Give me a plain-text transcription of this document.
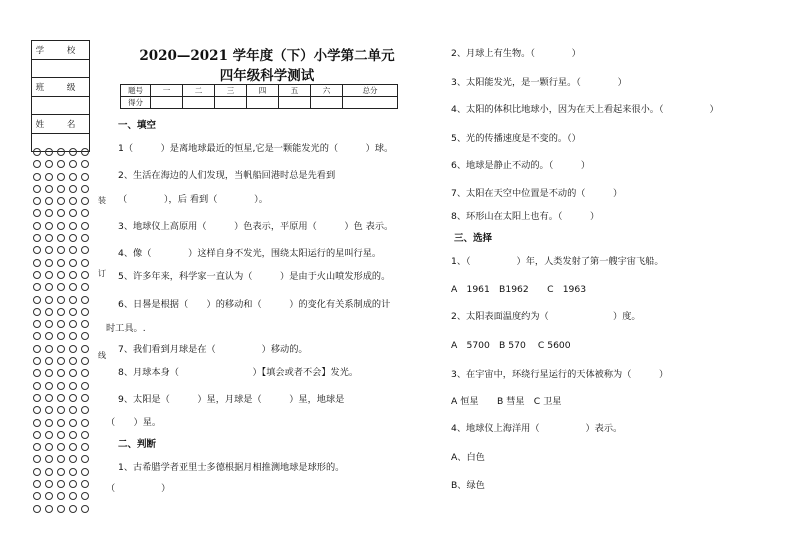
学 校
班 级
姓 名
装
订
线
2020—2021 学年度（下）小学第二单元
四年级科学测试
题号	一	二	三	四	五	六	总分
得分							
一、填空
1（　　　）是离地球最近的恒星,它是一颗能发光的（　　　）球。
2、生活在海边的人们发现，当帆船回港时总是先看到
（　　　　），后 看到（　　　　）。
3、地球仪上高原用（　　　）色表示，平原用（　　　）色 表示。
4、像（　　　　）这样自身不发光，围绕太阳运行的星叫行星。
5、许多年来，科学家一直认为（　　　）是由于火山喷发形成的。
6、日晷是根据（　　）的移动和（　　　）的变化有关系制成的计
时工具。.
7、我们看到月球是在（　　　　　）移动的。
8、月球本身（　　　　　　　　）【填会或者不会】发光。
9、太阳是（　　　）星，月球是（　　　）星，地球是
（　　）星。
二、判断
1、古希腊学者亚里士多德根据月相推测地球是球形的。
（　　　　　）
2、月球上有生物。（　　　　）
3、太阳能发光，是一颗行星。（　　　　）
4、太阳的体积比地球小，因为在天上看起来很小。（　　　　　）
5、光的传播速度是不变的。（）
6、地球是静止不动的。（　　　）
7、太阳在天空中位置是不动的（　　　）
8、环形山在太阳上也有。（　　　）
三、选择
1、（　　　　　）年，人类发射了第一艘宇宙飞船。
A　1961　B1962　　C　1963
2、太阳表面温度约为（　　　　　　　）度。
A　5700　B 570　 C 5600
3、在宇宙中，环绕行星运行的天体被称为（　　　）
A 恒星　　B 彗星　C 卫星
4、地球仪上海洋用（　　　　　）表示。
A、白色
B、绿色
